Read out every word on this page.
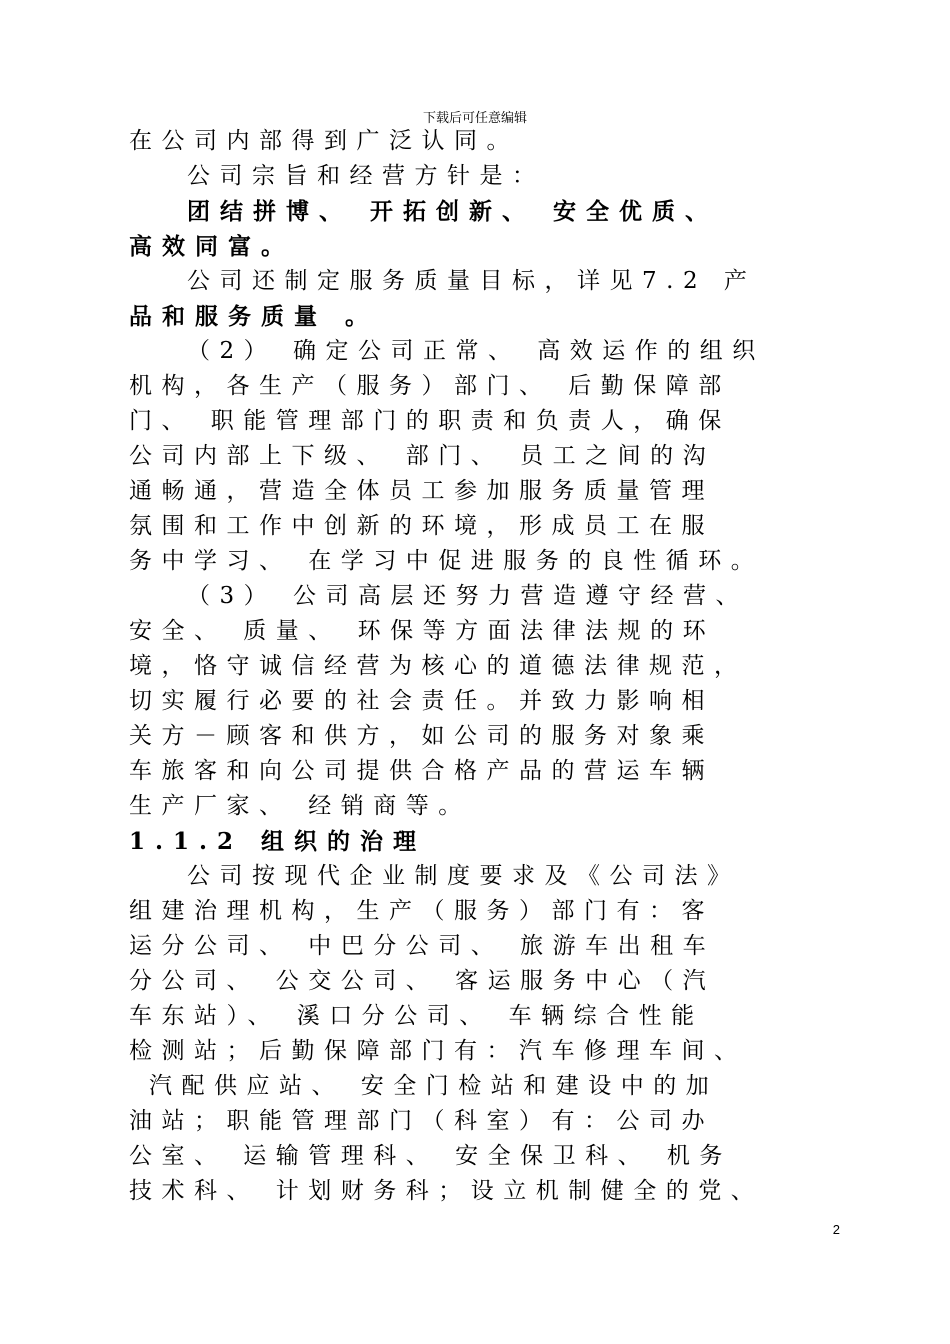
下载后可任意编辑
在公司内部得到广泛认同。
公司宗旨和经营方针是：
团结拼博、 开拓创新、 安全优质、
高效同富。
公司还制定服务质量目标，详见7.2 产
品和服务质量 。
（2） 确定公司正常、 高效运作的组织
机构，各生产（服务）部门、 后勤保障部
门、 职能管理部门的职责和负责人，确保
公司内部上下级、 部门、 员工之间的沟
通畅通，营造全体员工参加服务质量管理
氛围和工作中创新的环境，形成员工在服
务中学习、 在学习中促进服务的良性循环。
（3） 公司高层还努力营造遵守经营、
安全、 质量、 环保等方面法律法规的环
境，恪守诚信经营为核心的道德法律规范，
切实履行必要的社会责任。并致力影响相
关方－顾客和供方，如公司的服务对象乘
车旅客和向公司提供合格产品的营运车辆
生产厂家、 经销商等。
1.1.2 组织的治理
公司按现代企业制度要求及《公司法》
组建治理机构，生产（服务）部门有：客
运分公司、 中巴分公司、 旅游车出租车
分公司、 公交公司、 客运服务中心（汽
车东站）、 溪口分公司、 车辆综合性能
检测站；后勤保障部门有：汽车修理车间、
汽配供应站、 安全门检站和建设中的加
油站；职能管理部门（科室）有：公司办
公室、 运输管理科、 安全保卫科、 机务
技术科、 计划财务科；设立机制健全的党、
2
